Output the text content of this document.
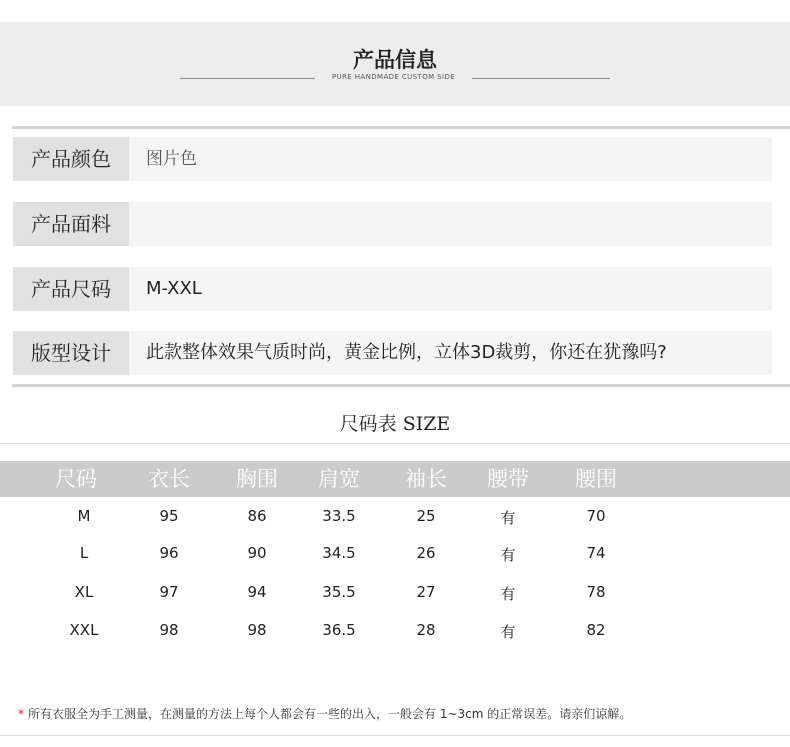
产品信息
PURE HANDMADE CUSTOM SIDE
产品颜色	图片色
产品面料
产品尺码	M-XXL
版型设计	此款整体效果气质时尚，黄金比例，立体3D裁剪，你还在犹豫吗?
尺码表 SIZE
尺码	衣长	胸围	肩宽	袖长	腰带	腰围
M	95	86	33.5	25	有	70
L	96	90	34.5	26	有	74
XL	97	94	35.5	27	有	78
XXL	98	98	36.5	28	有	82
* 所有衣服全为手工测量，在测量的方法上每个人都会有一些的出入，一般会有 1~3cm 的正常误差。请亲们谅解。
